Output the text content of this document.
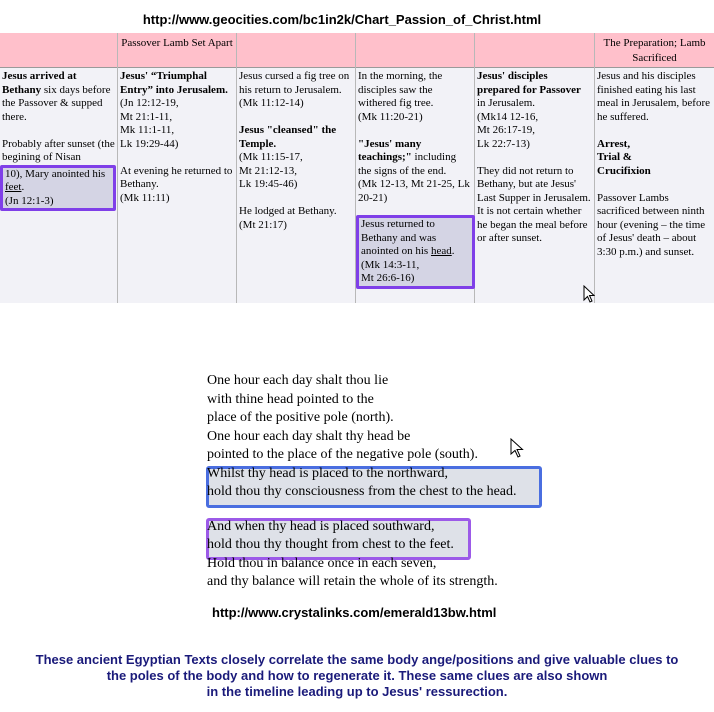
http://www.geocities.com/bc1in2k/Chart_Passion_of_Christ.html

Jesus arrived at Bethany six days before the Passover & supped there.

Probably after sunset (the begining of Nisan

10), Mary anointed his feet.
(Jn 12:1-3)
Passover Lamb Set Apart

Jesus' “Triumphal Entry” into Jerusalem.

(Jn 12:12-19,

Mt 21:1-11,

Mk 11:1-11,

Lk 19:29-44)

At evening he returned to Bethany.

(Mk 11:11)

Jesus cursed a fig tree on his return to Jerusalem.

(Mk 11:12-14)

Jesus "cleansed" the Temple.

(Mk 11:15-17,

Mt 21:12-13,

Lk 19:45-46)

He lodged at Bethany.

(Mt 21:17)

In the morning, the disciples saw the withered fig tree.

(Mk 11:20-21)

"Jesus' many teachings;" including the signs of the end.

(Mk 12-13, Mt 21-25, Lk 20-21)

Jesus returned to Bethany and was anointed on his head.
(Mk 14:3-11,
Mt 26:6-16)

Jesus' disciples prepared for Passover in Jerusalem.

(Mk14 12-16,

Mt 26:17-19,

Lk 22:7-13)

They did not return to Bethany, but ate Jesus' Last Supper in Jerusalem. It is not certain whether he began the meal before or after sunset.

The Preparation; Lamb Sacrificed

Jesus and his disciples finished eating his last meal in Jerusalem, before he suffered.

Arrest,

Trial &

Crucifixion

Passover Lambs sacrificed between ninth hour (evening – the time of Jesus' death – about 3:30 p.m.) and sunset.

One hour each day shalt thou lie
with thine head pointed to the
place of the positive pole (north).
One hour each day shalt thy head be
pointed to the place of the negative pole (south).
Whilst thy head is placed to the northward,
hold thou thy consciousness from the chest to the head.
And when thy head is placed southward,
hold thou thy thought from chest to the feet.
Hold thou in balance once in each seven,
and thy balance will retain the whole of its strength.
http://www.crystalinks.com/emerald13bw.html
These ancient Egyptian Texts closely correlate the same body ange/positions and give valuable clues to
the poles of the body and how to regenerate it. These same clues are also shown
in the timeline leading up to Jesus' ressurection.
